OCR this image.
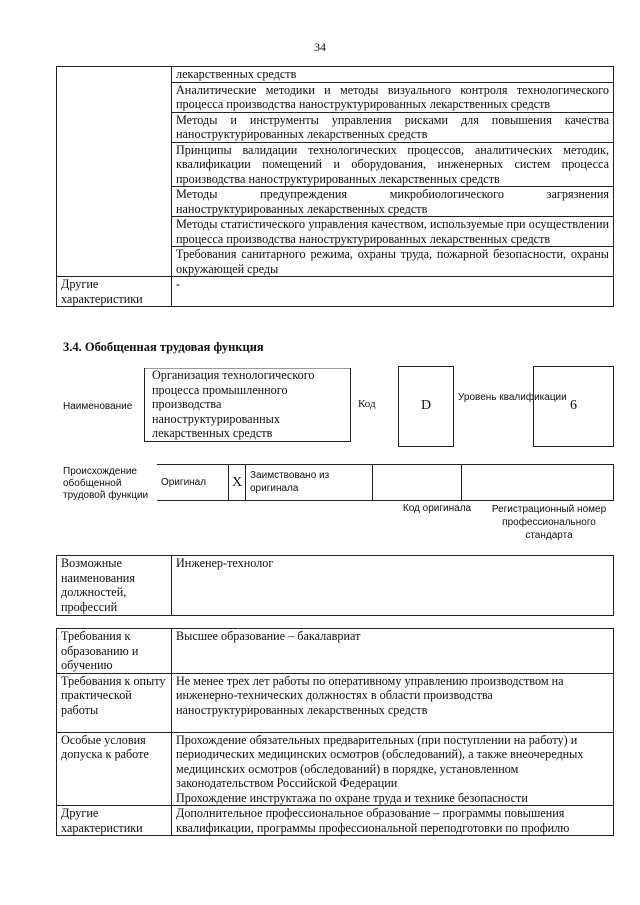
34
	лекарственных средств
	Аналитические методики и методы визуального контроля технологического процесса производства наноструктурированных лекарственных средств
	Методы и инструменты управления рисками для повышения качества наноструктурированных лекарственных средств
	Принципы валидации технологических процессов, аналитических методик, квалификации помещений и оборудования, инженерных систем процесса производства наноструктурированных лекарственных средств
	Методы предупреждения микробиологического загрязнения наноструктурированных лекарственных средств
	Методы статистического управления качеством, используемые при осуществлении процесса производства наноструктурированных лекарственных средств
	Требования санитарного режима, охраны труда, пожарной безопасности, охраны окружающей среды
Другие характеристики	-
3.4. Обобщенная трудовая функция
Наименование
Организация технологического процесса промышленного производства наноструктурированных лекарственных средств
Код	D
Уровень квалификации
6
Происхождение обобщенной трудовой функции
Оригинал	X	Заимствовано из оригинала		
Код оригинала	Регистрационный номер профессионального стандарта
Возможные наименования должностей, профессий	Инженер-технолог
Требования к образованию и обучению	Высшее образование – бакалавриат
Требования к опыту практической работы	Не менее трех лет работы по оперативному управлению производством на инженерно-технических должностях в области производства наноструктурированных лекарственных средств
Особые условия допуска к работе	Прохождение обязательных предварительных (при поступлении на работу) и периодических медицинских осмотров (обследований), а также внеочередных медицинских осмотров (обследований) в порядке, установленном законодательством Российской Федерации
Прохождение инструктажа по охране труда и технике безопасности

Другие характеристики	Дополнительное профессиональное образование – программы повышения квалификации, программы профессиональной переподготовки по профилю
